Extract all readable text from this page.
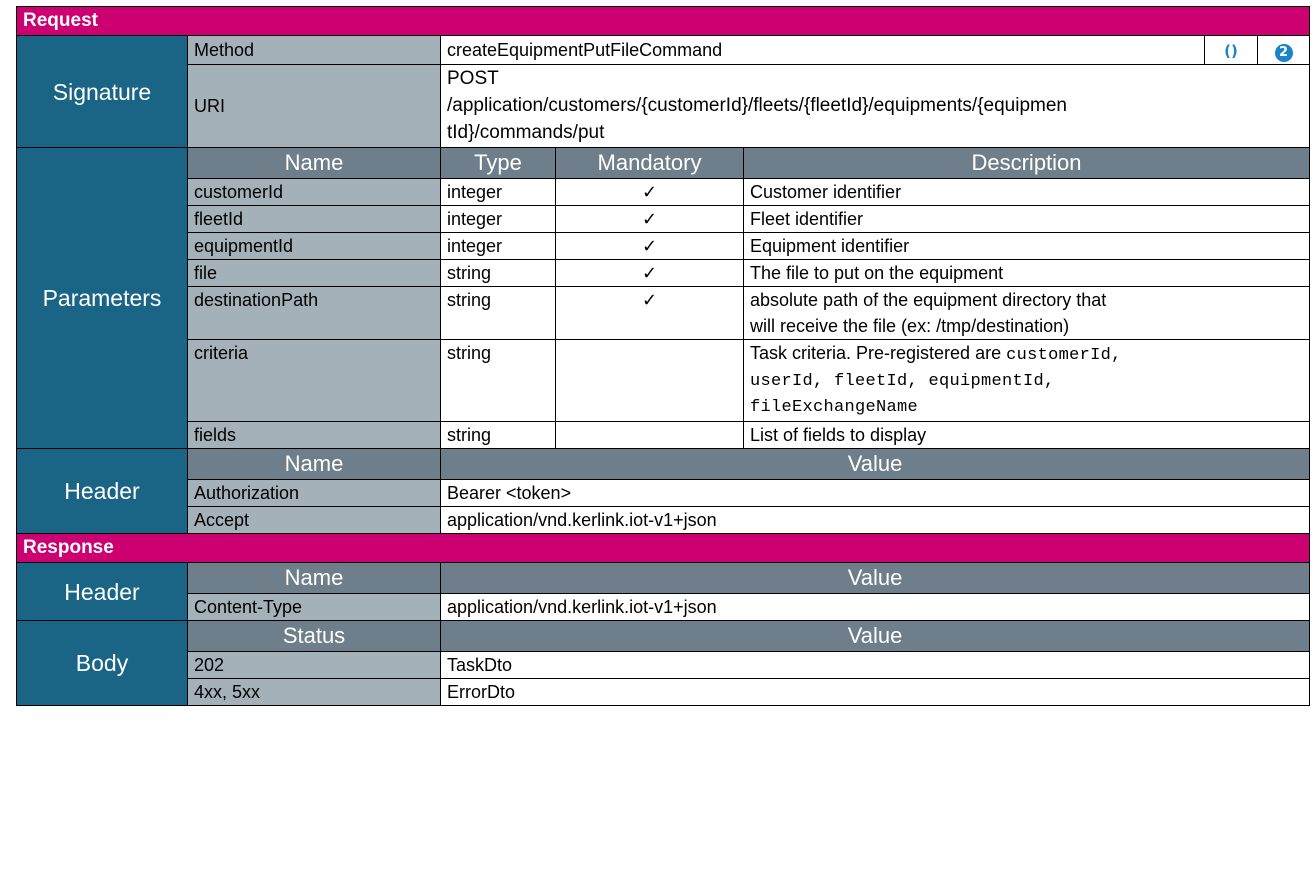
Request						
Signature	Method	createEquipmentPutFileCommand			()	2
	URI	POST
/application/customers/{customerId}/fleets/{fleetId}/equipments/{equipmen
tId}/commands/put				

Parameters	Name	Type	Mandatory	Description		
	customerId	integer	✓	Customer identifier		
	fleetId	integer	✓	Fleet identifier		
	equipmentId	integer	✓	Equipment identifier		
	file	string	✓	The file to put on the equipment		
	destinationPath	string	✓	absolute path of the equipment directory that
will receive the file (ex: /tmp/destination)		

	criteria	string		Task criteria. Pre-registered are customerId,
userId, fleetId, equipmentId,
fileExchangeName		

	fields	string		List of fields to display		
Header	Name	Value				
	Authorization	Bearer <token>				
	Accept	application/vnd.kerlink.iot-v1+json				
Response						
Header	Name	Value				
	Content-Type	application/vnd.kerlink.iot-v1+json				
Body	Status	Value				
	202	TaskDto				
	4xx, 5xx	ErrorDto				
